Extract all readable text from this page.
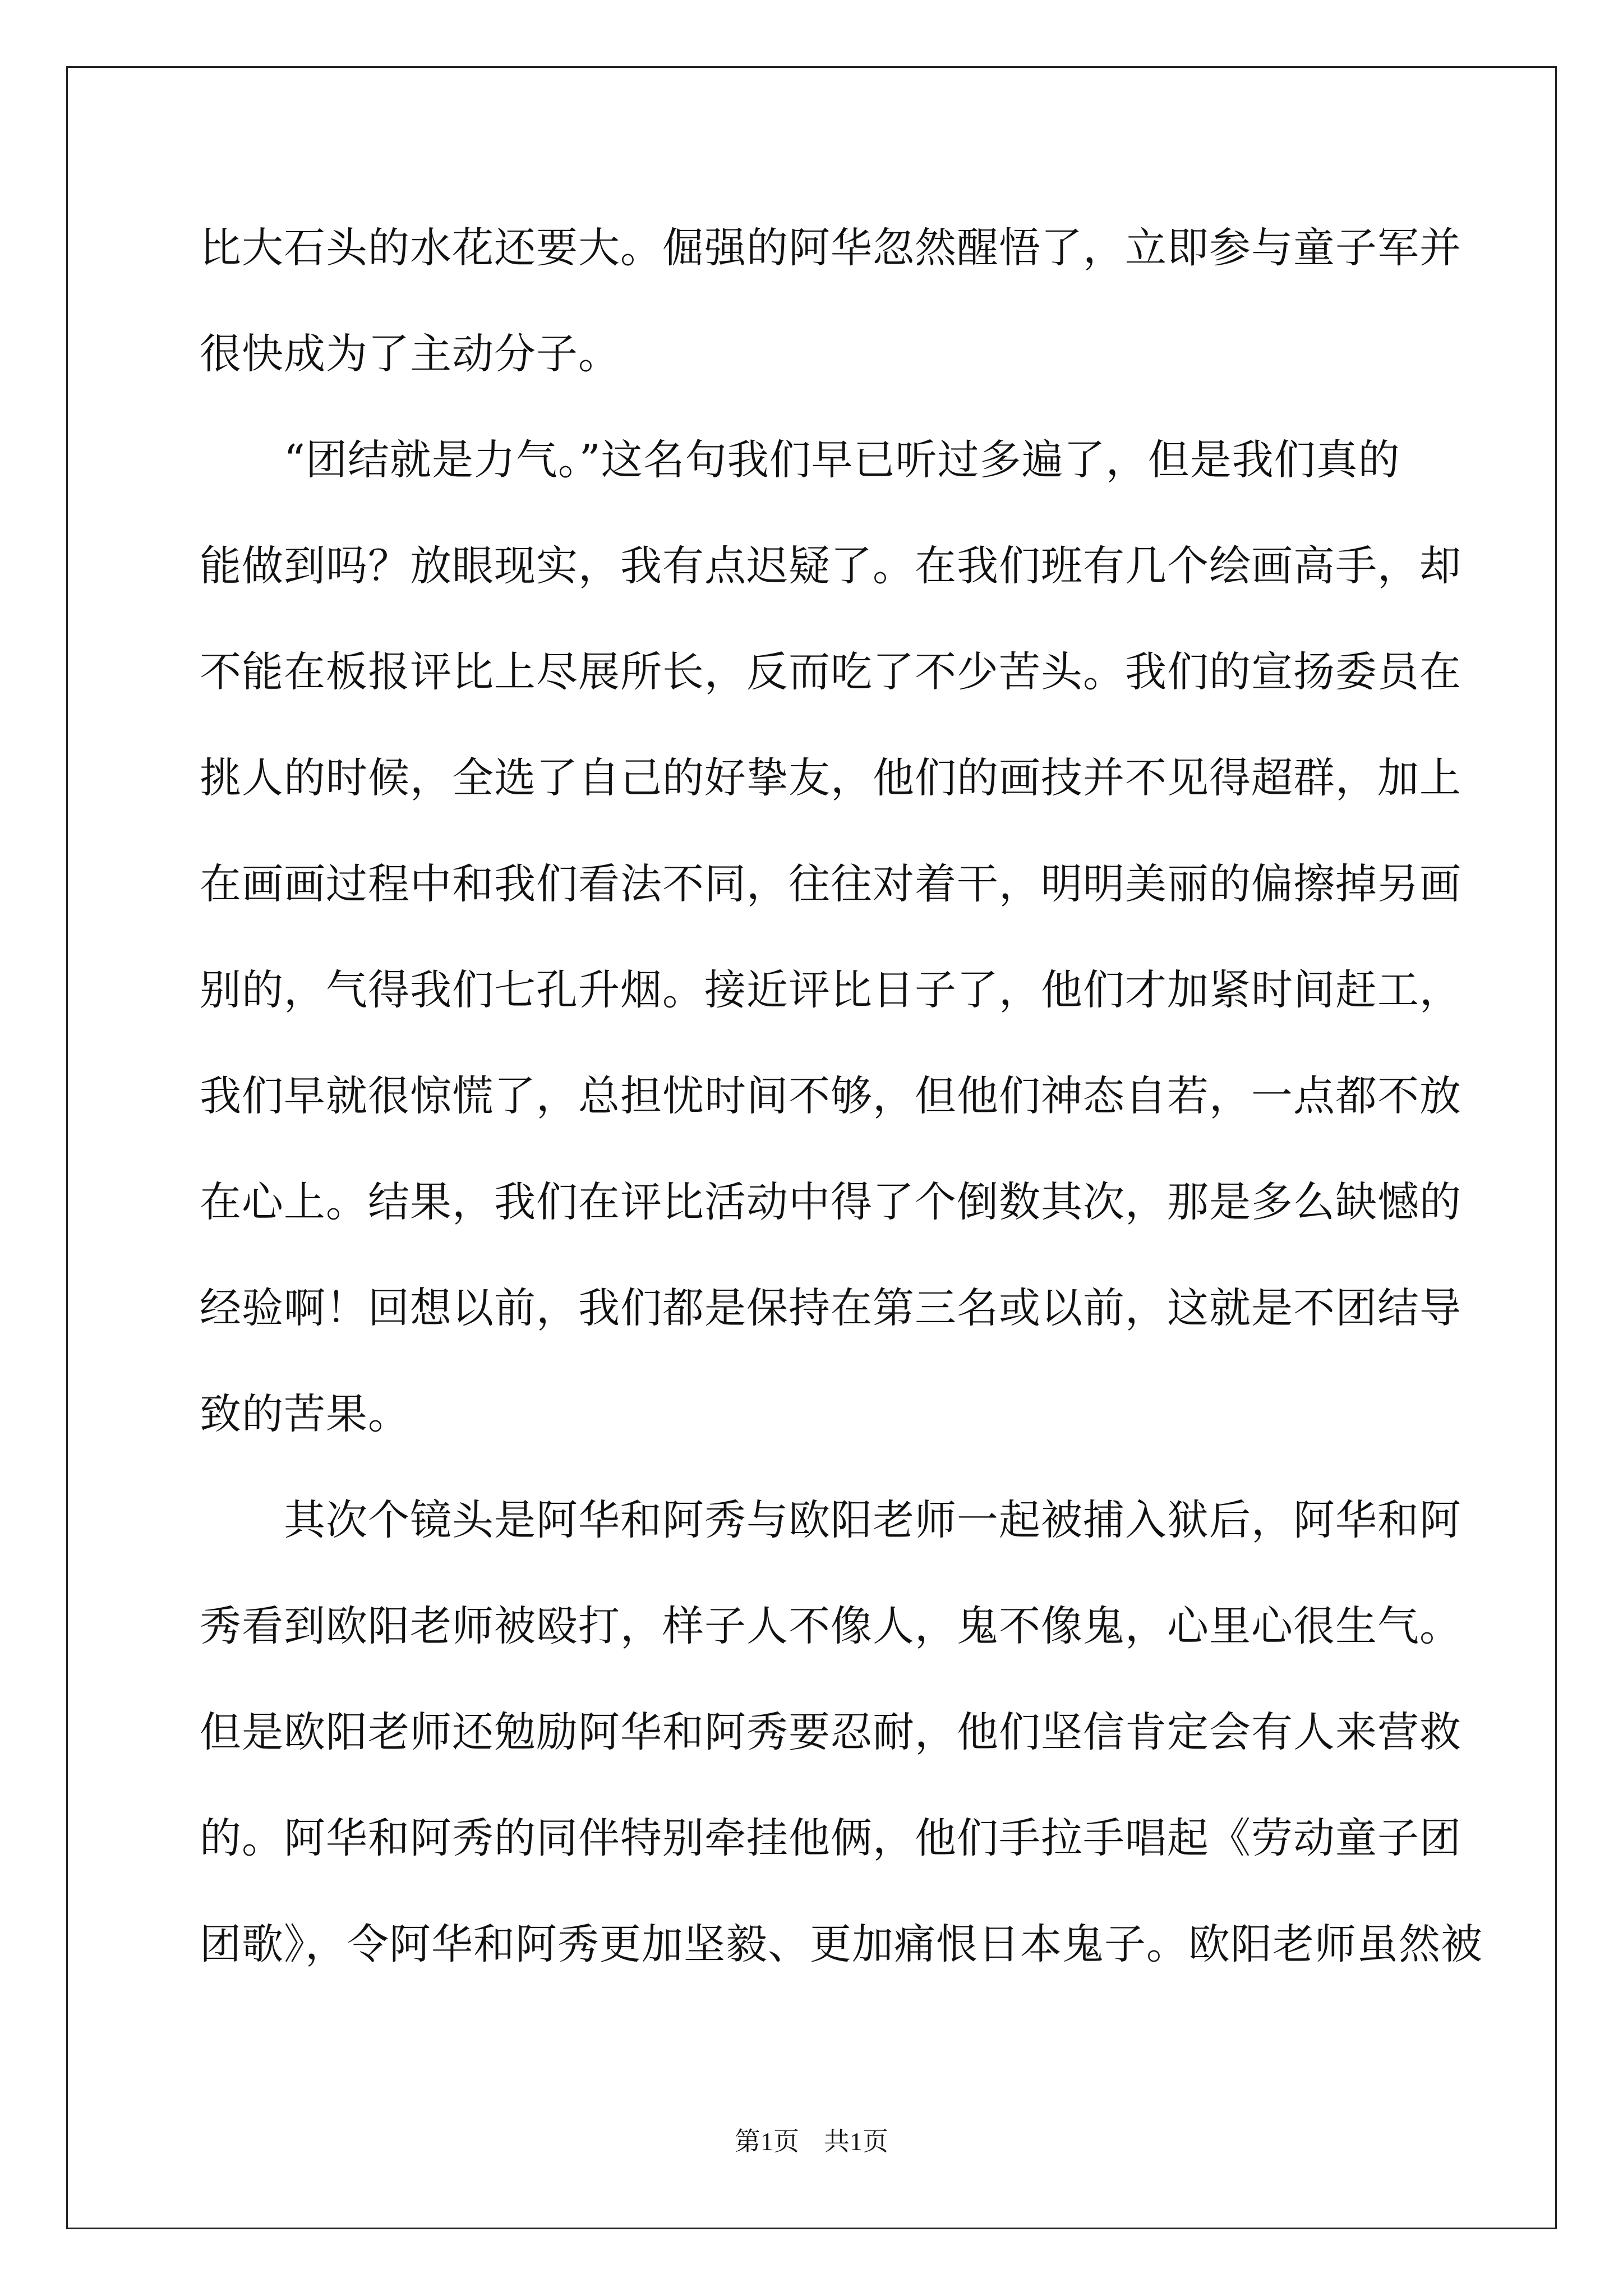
比大石头的水花还要大。倔强的阿华忽然醒悟了，立即参与童子军并
很快成为了主动分子。
　　“团结就是力气。”这名句我们早已听过多遍了，但是我们真的
能做到吗？放眼现实，我有点迟疑了。在我们班有几个绘画高手，却
不能在板报评比上尽展所长，反而吃了不少苦头。我们的宣扬委员在
挑人的时候，全选了自己的好挚友，他们的画技并不见得超群，加上
在画画过程中和我们看法不同，往往对着干，明明美丽的偏擦掉另画
别的，气得我们七孔升烟。接近评比日子了，他们才加紧时间赶工，
我们早就很惊慌了，总担忧时间不够，但他们神态自若，一点都不放
在心上。结果，我们在评比活动中得了个倒数其次，那是多么缺憾的
经验啊！回想以前，我们都是保持在第三名或以前，这就是不团结导
致的苦果。
　　其次个镜头是阿华和阿秀与欧阳老师一起被捕入狱后，阿华和阿
秀看到欧阳老师被殴打，样子人不像人，鬼不像鬼，心里心很生气。
但是欧阳老师还勉励阿华和阿秀要忍耐，他们坚信肯定会有人来营救
的。阿华和阿秀的同伴特别牵挂他俩，他们手拉手唱起《劳动童子团
团歌》，令阿华和阿秀更加坚毅、更加痛恨日本鬼子。欧阳老师虽然被
第1页 共1页
